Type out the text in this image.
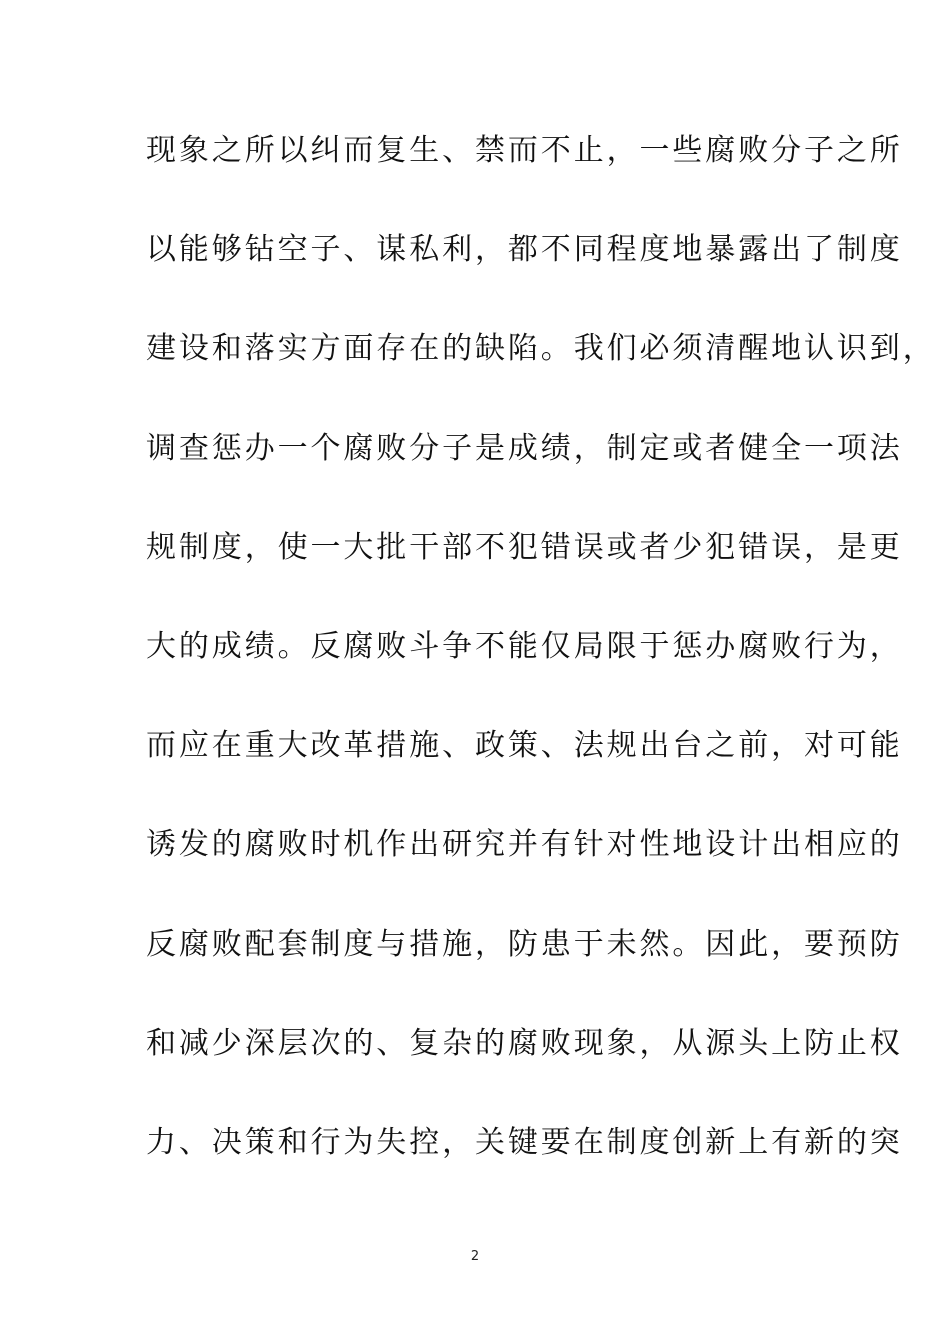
现象之所以纠而复生、禁而不止，一些腐败分子之所
以能够钻空子、谋私利，都不同程度地暴露出了制度
建设和落实方面存在的缺陷。我们必须清醒地认识到，
调查惩办一个腐败分子是成绩，制定或者健全一项法
规制度，使一大批干部不犯错误或者少犯错误，是更
大的成绩。反腐败斗争不能仅局限于惩办腐败行为，
而应在重大改革措施、政策、法规出台之前，对可能
诱发的腐败时机作出研究并有针对性地设计出相应的
反腐败配套制度与措施，防患于未然。因此，要预防
和减少深层次的、复杂的腐败现象，从源头上防止权
力、决策和行为失控，关键要在制度创新上有新的突
2
